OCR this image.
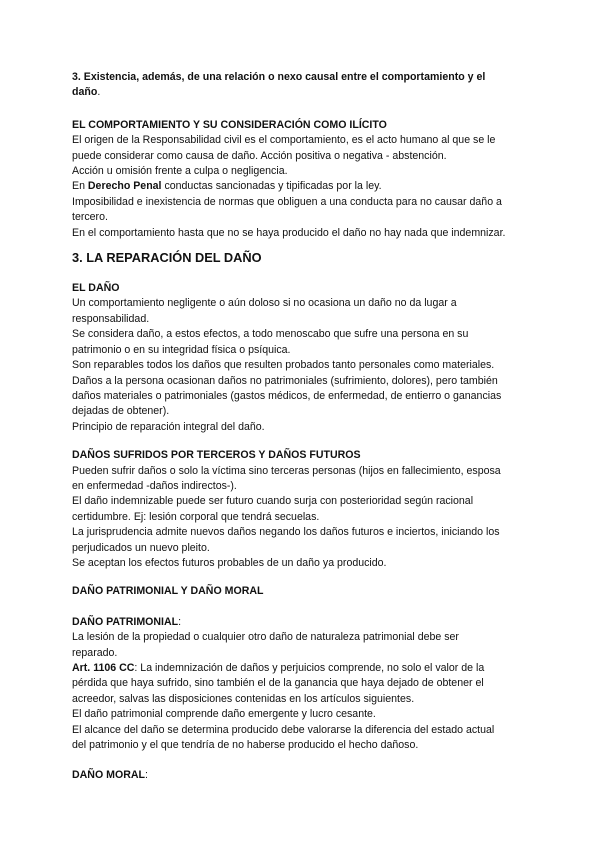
3. Existencia, además, de una relación o nexo causal entre el comportamiento y el
daño.

EL COMPORTAMIENTO Y SU CONSIDERACIÓN COMO ILÍCITO

El origen de la Responsabilidad civil es el comportamiento, es el acto humano al que se le

puede considerar como causa de daño. Acción positiva o negativa - abstención.

Acción u omisión frente a culpa o negligencia.

En Derecho Penal conductas sancionadas y tipificadas por la ley.

Imposibilidad e inexistencia de normas que obliguen a una conducta para no causar daño a

tercero.

En el comportamiento hasta que no se haya producido el daño no hay nada que indemnizar.

3. LA REPARACIÓN DEL DAÑO

EL DAÑO

Un comportamiento negligente o aún doloso si no ocasiona un daño no da lugar a

responsabilidad.

Se considera daño, a estos efectos, a todo menoscabo que sufre una persona en su

patrimonio o en su integridad física o psíquica.

Son reparables todos los daños que resulten probados tanto personales como materiales.

Daños a la persona ocasionan daños no patrimoniales (sufrimiento, dolores), pero también

daños materiales o patrimoniales (gastos médicos, de enfermedad, de entierro o ganancias

dejadas de obtener).

Principio de reparación integral del daño.

DAÑOS SUFRIDOS POR TERCEROS Y DAÑOS FUTUROS

Pueden sufrir daños o solo la víctima sino terceras personas (hijos en fallecimiento, esposa

en enfermedad -daños indirectos-).

El daño indemnizable puede ser futuro cuando surja con posterioridad según racional

certidumbre. Ej: lesión corporal que tendrá secuelas.

La jurisprudencia admite nuevos daños negando los daños futuros e inciertos, iniciando los

perjudicados un nuevo pleito.

Se aceptan los efectos futuros probables de un daño ya producido.

DAÑO PATRIMONIAL Y DAÑO MORAL

DAÑO PATRIMONIAL:

La lesión de la propiedad o cualquier otro daño de naturaleza patrimonial debe ser

reparado.

Art. 1106 CC: La indemnización de daños y perjuicios comprende, no solo el valor de la

pérdida que haya sufrido, sino también el de la ganancia que haya dejado de obtener el

acreedor, salvas las disposiciones contenidas en los artículos siguientes.

El daño patrimonial comprende daño emergente y lucro cesante.

El alcance del daño se determina producido debe valorarse la diferencia del estado actual

del patrimonio y el que tendría de no haberse producido el hecho dañoso.

DAÑO MORAL:
